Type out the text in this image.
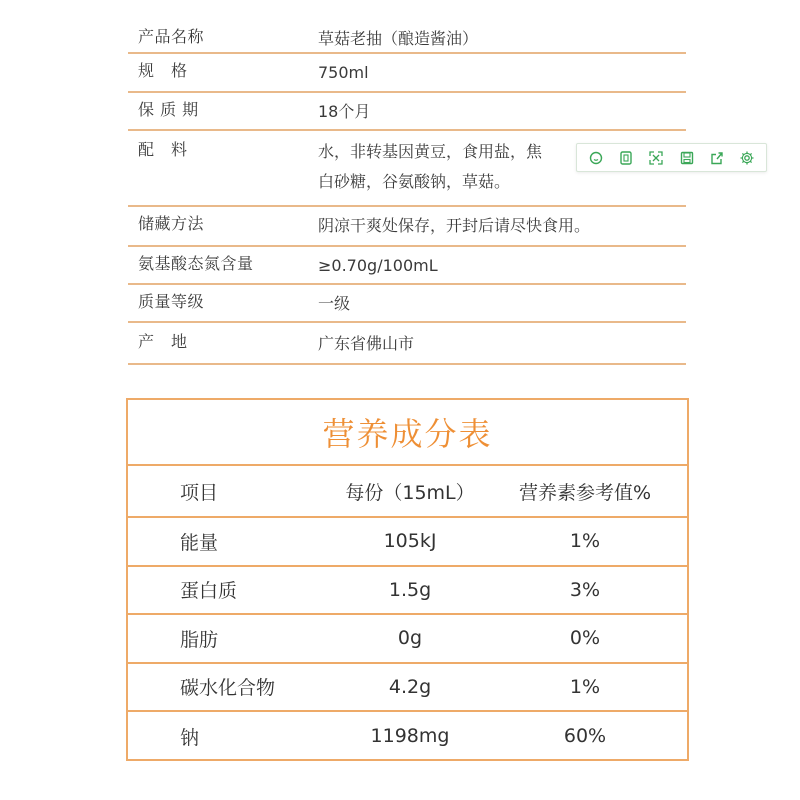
产品名称	草菇老抽（酿造酱油）
规　格	750ml
保 质 期	18个月
配　料	水，非转基因黄豆，食用盐，焦
白砂糖，谷氨酸钠，草菇。
储藏方法	阴凉干爽处保存，开封后请尽快食用。
氨基酸态氮含量	≥0.70g/100mL
质量等级	一级
产　地	广东省佛山市
营养成分表
项目	每份（15mL）	营养素参考值%
能量	105kJ	1%
蛋白质	1.5g	3%
脂肪	0g	0%
碳水化合物	4.2g	1%
钠	1198mg	60%
